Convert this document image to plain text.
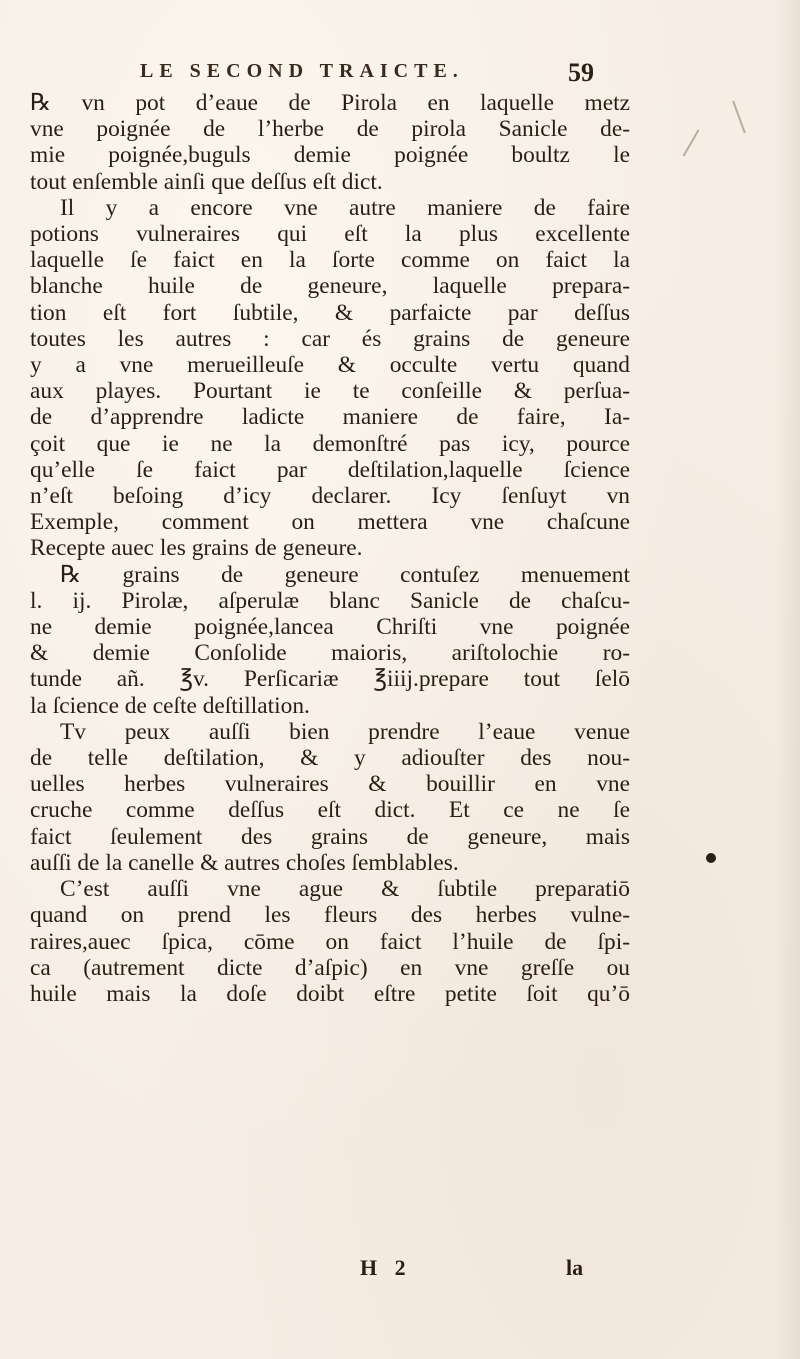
LE SECOND TRAICTE.	59
℞ vn pot d’eaue de Pirola en laquelle metz
vne poignée de l’herbe de pirola Sanicle de-
mie poignée,buguls demie poignée boultz le
tout enſemble ainſi que deſſus eſt dict.
Il y a encore vne autre maniere de faire
potions vulneraires qui eſt la plus excellente
laquelle ſe faict en la ſorte comme on faict la
blanche huile de geneure, laquelle prepara-
tion eſt fort ſubtile, & parfaicte par deſſus
toutes les autres : car és grains de geneure
y a vne merueilleuſe & occulte vertu quand
aux playes. Pourtant ie te conſeille & perſua-
de d’apprendre ladicte maniere de faire, Ia-
çoit que ie ne la demonſtré pas icy, pource
qu’elle ſe faict par deſtilation,laquelle ſcience
n’eſt beſoing d’icy declarer. Icy ſenſuyt vn
Exemple, comment on mettera vne chaſcune
Recepte auec les grains de geneure.
℞ grains de geneure contuſez menuement
l. ij. Pirolæ, aſperulæ blanc Sanicle de chaſcu-
ne demie poignée,lancea Chriſti vne poignée
& demie Conſolide maioris, ariſtolochie ro-
tunde añ. ℥v. Perſicariæ ℥iiij.prepare tout ſelō
la ſcience de ceſte deſtillation.
Tv peux auſſi bien prendre l’eaue venue
de telle deſtilation, & y adiouſter des nou-
uelles herbes vulneraires & bouillir en vne
cruche comme deſſus eſt dict. Et ce ne ſe
faict ſeulement des grains de geneure, mais
auſſi de la canelle & autres choſes ſemblables.
C’est auſſi vne ague & ſubtile preparatiō
quand on prend les fleurs des herbes vulne-
raires,auec ſpica, cōme on faict l’huile de ſpi-
ca (autrement dicte d’aſpic) en vne greſſe ou
huile mais la doſe doibt eſtre petite ſoit qu’ō
H 2	la
